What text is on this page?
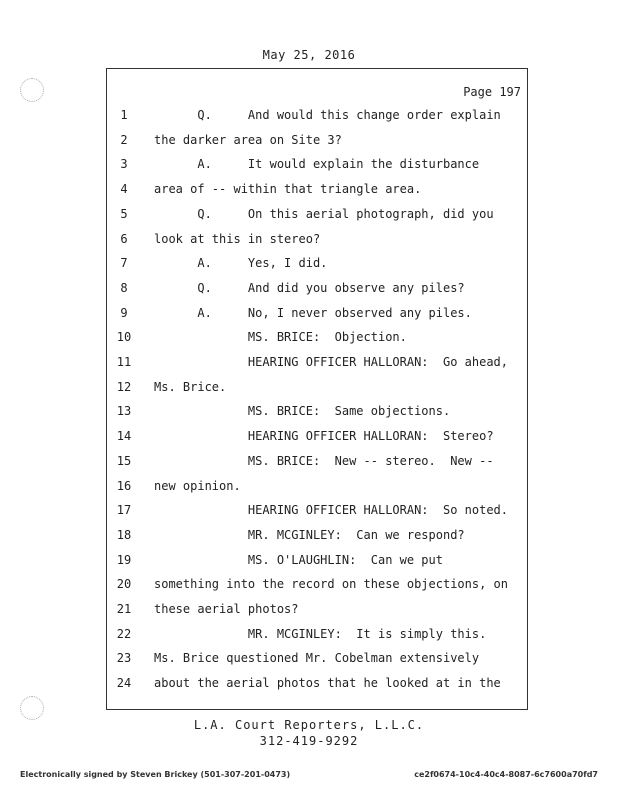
May 25, 2016
Page 197
1	Q.     And would this change order explain
2	the darker area on Site 3?
3	A.     It would explain the disturbance
4	area of -- within that triangle area.
5	Q.     On this aerial photograph, did you
6	look at this in stereo?
7	A.     Yes, I did.
8	Q.     And did you observe any piles?
9	A.     No, I never observed any piles.
10	MS. BRICE:  Objection.
11	HEARING OFFICER HALLORAN:  Go ahead,
12	Ms. Brice.
13	MS. BRICE:  Same objections.
14	HEARING OFFICER HALLORAN:  Stereo?
15	MS. BRICE:  New -- stereo.  New --
16	new opinion.
17	HEARING OFFICER HALLORAN:  So noted.
18	MR. MCGINLEY:  Can we respond?
19	MS. O'LAUGHLIN:  Can we put
20	something into the record on these objections, on
21	these aerial photos?
22	MR. MCGINLEY:  It is simply this.
23	Ms. Brice questioned Mr. Cobelman extensively
24	about the aerial photos that he looked at in the
L.A. Court Reporters, L.L.C.
312-419-9292
Electronically signed by Steven Brickey (501-307-201-0473)	ce2f0674-10c4-40c4-8087-6c7600a70fd7
